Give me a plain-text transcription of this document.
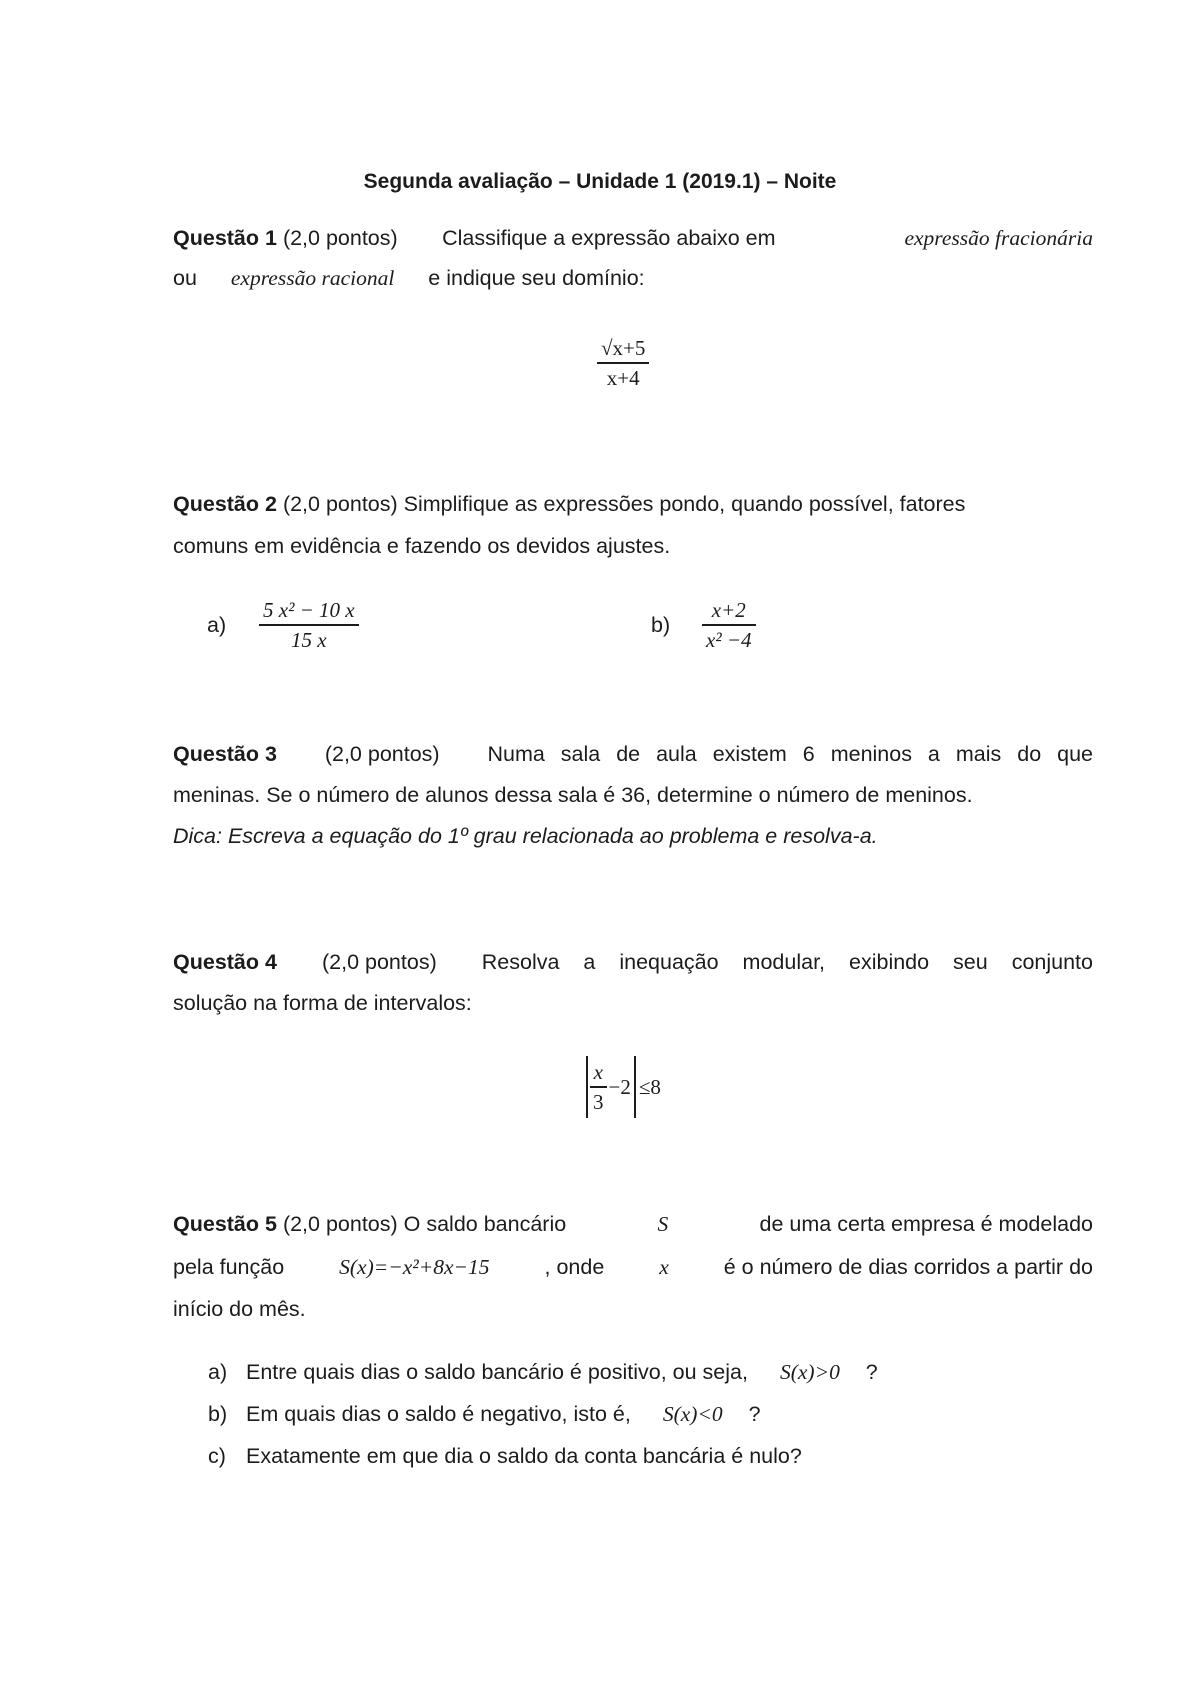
Segunda avaliação – Unidade 1 (2019.1) – Noite
Questão 1 (2,0 pontos) Classifique a expressão abaixo em	expressão fracionária
ou expressão racional e indique seu domínio:
√x+5
x+4
Questão 2 (2,0 pontos) Simplifique as expressões pondo, quando possível, fatores
comuns em evidência e fazendo os devidos ajustes.
a)
5 x² − 10 x
15 x
b)
x+2
x² −4
Questão 3 (2,0 pontos) Numa sala de aula existem 6 meninos a mais do que
meninas. Se o número de alunos dessa sala é 36, determine o número de meninos.
Dica: Escreva a equação do 1º grau relacionada ao problema e resolva-a.
Questão 4 (2,0 pontos) Resolva a inequação modular, exibindo seu conjunto
solução na forma de intervalos:
x
3
−2 ≤8
Questão 5 (2,0 pontos) O saldo bancário	S	de uma certa empresa é modelado
pela função	S(x)=−x²+8x−15	, onde	x	é o número de dias corridos a partir do
início do mês.
a) Entre quais dias o saldo bancário é positivo, ou seja, S(x)>0 ?
b) Em quais dias o saldo é negativo, isto é, S(x)<0 ?
c) Exatamente em que dia o saldo da conta bancária é nulo?
